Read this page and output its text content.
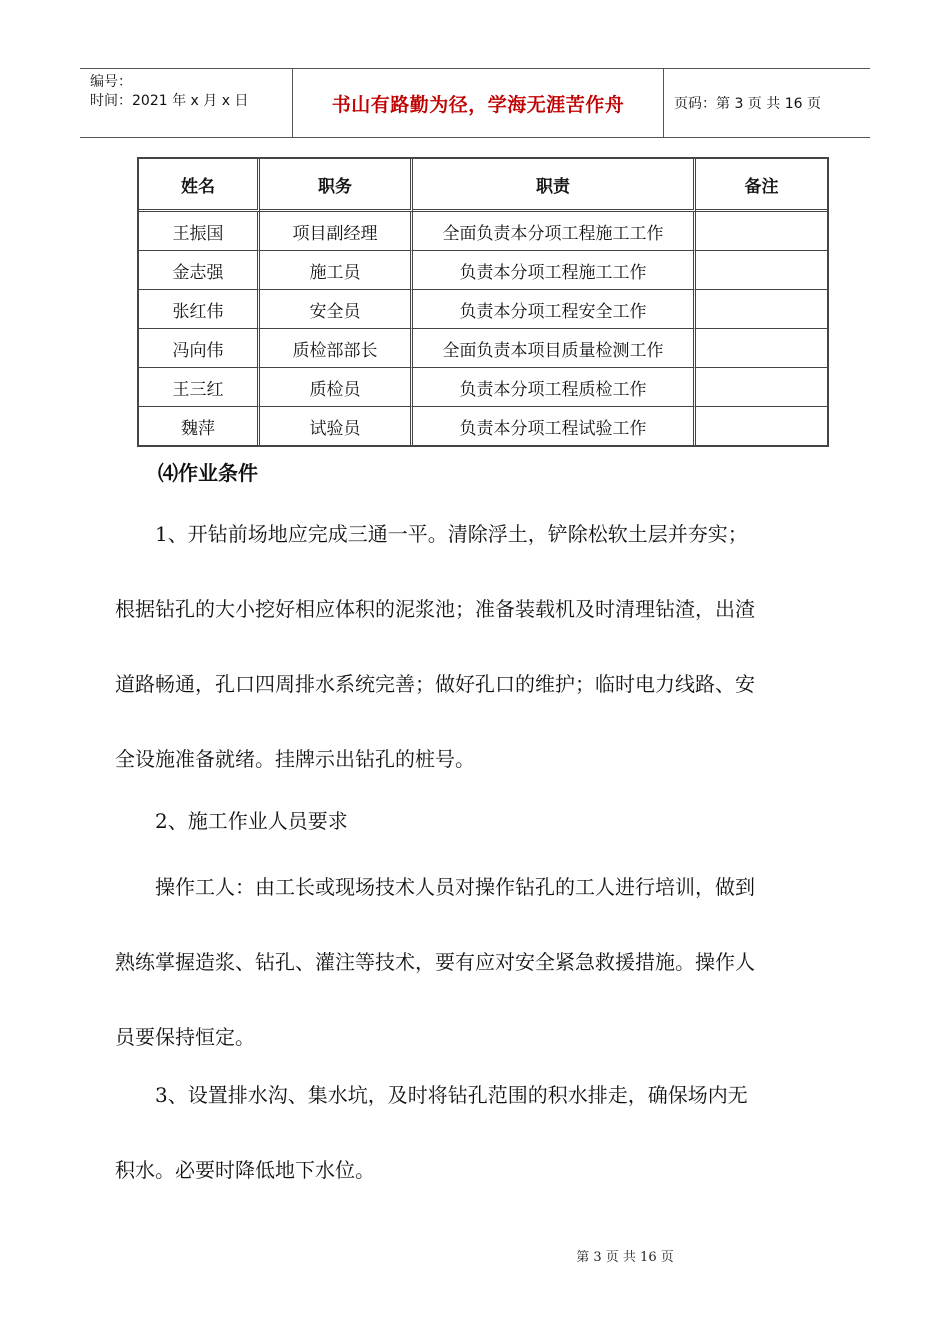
编号：
时间：2021 年 x 月 x 日	书山有路勤为径，学海无涯苦作舟	页码：第 3 页 共 16 页
姓名	职务	职责	备注
王振国	项目副经理	全面负责本分项工程施工工作	
金志强	施工员	负责本分项工程施工工作	
张红伟	安全员	负责本分项工程安全工作	
冯向伟	质检部部长	全面负责本项目质量检测工作	
王三红	质检员	负责本分项工程质检工作	
魏萍	试验员	负责本分项工程试验工作	
⑷作业条件

　　1、开钻前场地应完成三通一平。清除浮土，铲除松软土层并夯实；
根据钻孔的大小挖好相应体积的泥浆池；准备装载机及时清理钻渣，出渣
道路畅通，孔口四周排水系统完善；做好孔口的维护；临时电力线路、安
全设施准备就绪。挂牌示出钻孔的桩号。

　　2、施工作业人员要求

　　操作工人：由工长或现场技术人员对操作钻孔的工人进行培训，做到
熟练掌握造浆、钻孔、灌注等技术，要有应对安全紧急救援措施。操作人
员要保持恒定。

　　3、设置排水沟、集水坑，及时将钻孔范围的积水排走，确保场内无
积水。必要时降低地下水位。

第 3 页 共 16 页
